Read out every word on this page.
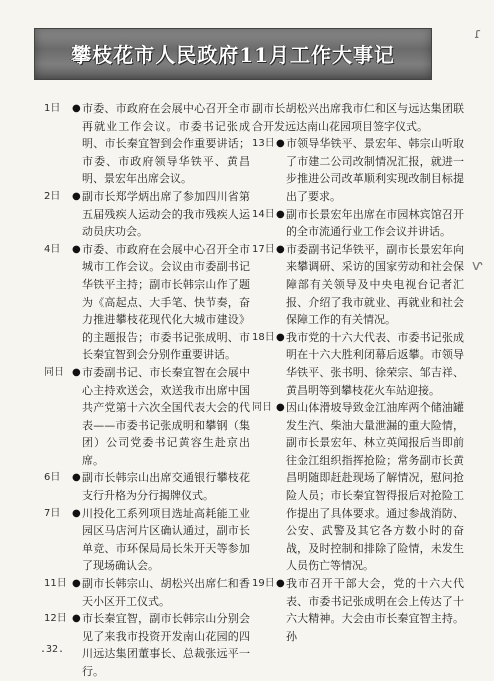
攀枝花市人民政府11月工作大事记
1日	● 市委、市政府在会展中心召开全市再就业工作会议。市委书记张成明、市长秦宜智到会作重要讲话；市委、市政府领导华铁平、黄昌明、景宏年出席会议。
2日	● 副市长郑学炳出席了参加四川省第五届残疾人运动会的我市残疾人运动员庆功会。
4日	● 市委、市政府在会展中心召开全市城市工作会议。会议由市委副书记华铁平主持；副市长韩宗山作了题为《高起点、大手笔、快节奏，奋力推进攀枝花现代化大城市建设》的主题报告；市委书记张成明、市长秦宜智到会分别作重要讲话。
同日 ● 市委副书记、市长秦宜智在会展中心主持欢送会，欢送我市出席中国共产党第十六次全国代表大会的代表——市委书记张成明和攀钢（集团）公司党委书记黄容生赴京出席。
6日	● 副市长韩宗山出席交通银行攀枝花支行升格为分行揭牌仪式。
7日	● 川投化工系列项目选址高耗能工业园区马店河片区确认通过，副市长单竞、市环保局局长朱开天等参加了现场确认会。
11日 ● 副市长韩宗山、胡松兴出席仁和香天小区开工仪式。
12日 ● 市长秦宜智，副市长韩宗山分别会见了来我市投资开发南山花园的四川远达集团董事长、总裁张远平一行。
副市长胡松兴出席我市仁和区与远达集团联合开发远达南山花园项目签字仪式。
13日 ● 市领导华铁平、景宏年、韩宗山听取了市建二公司改制情况汇报，就进一步推进公司改革顺利实现改制目标提出了要求。
14日 ● 副市长景宏年出席在市园林宾馆召开的全市流通行业工作会议并讲话。
17日 ● 市委副书记华铁平，副市长景宏年向来攀调研、采访的国家劳动和社会保障部有关领导及中央电视台记者汇报、介绍了我市就业、再就业和社会保障工作的有关情况。
18日 ● 我市党的十六大代表、市委书记张成明在十六大胜利闭幕后返攀。市领导华铁平、张书明、徐荣宗、邹吉祥、黄昌明等到攀枝花火车站迎接。
同日 ● 因山体滑坡导致金江油库两个储油罐发生汽、柴油大量泄漏的重大险情，副市长景宏年、林立英闻报后当即前往金江组织指挥抢险；常务副市长黄昌明随即赶赴现场了解情况，慰问抢险人员；市长秦宜智得报后对抢险工作提出了具体要求。通过参战消防、公安、武警及其它各方数小时的奋战，及时控制和排除了险情，未发生人员伤亡等情况。
19日 ● 我市召开干部大会，党的十六大代表、市委书记张成明在会上传达了十六大精神。大会由市长秦宜智主持。孙
.32.
ɾ
ⱱ
